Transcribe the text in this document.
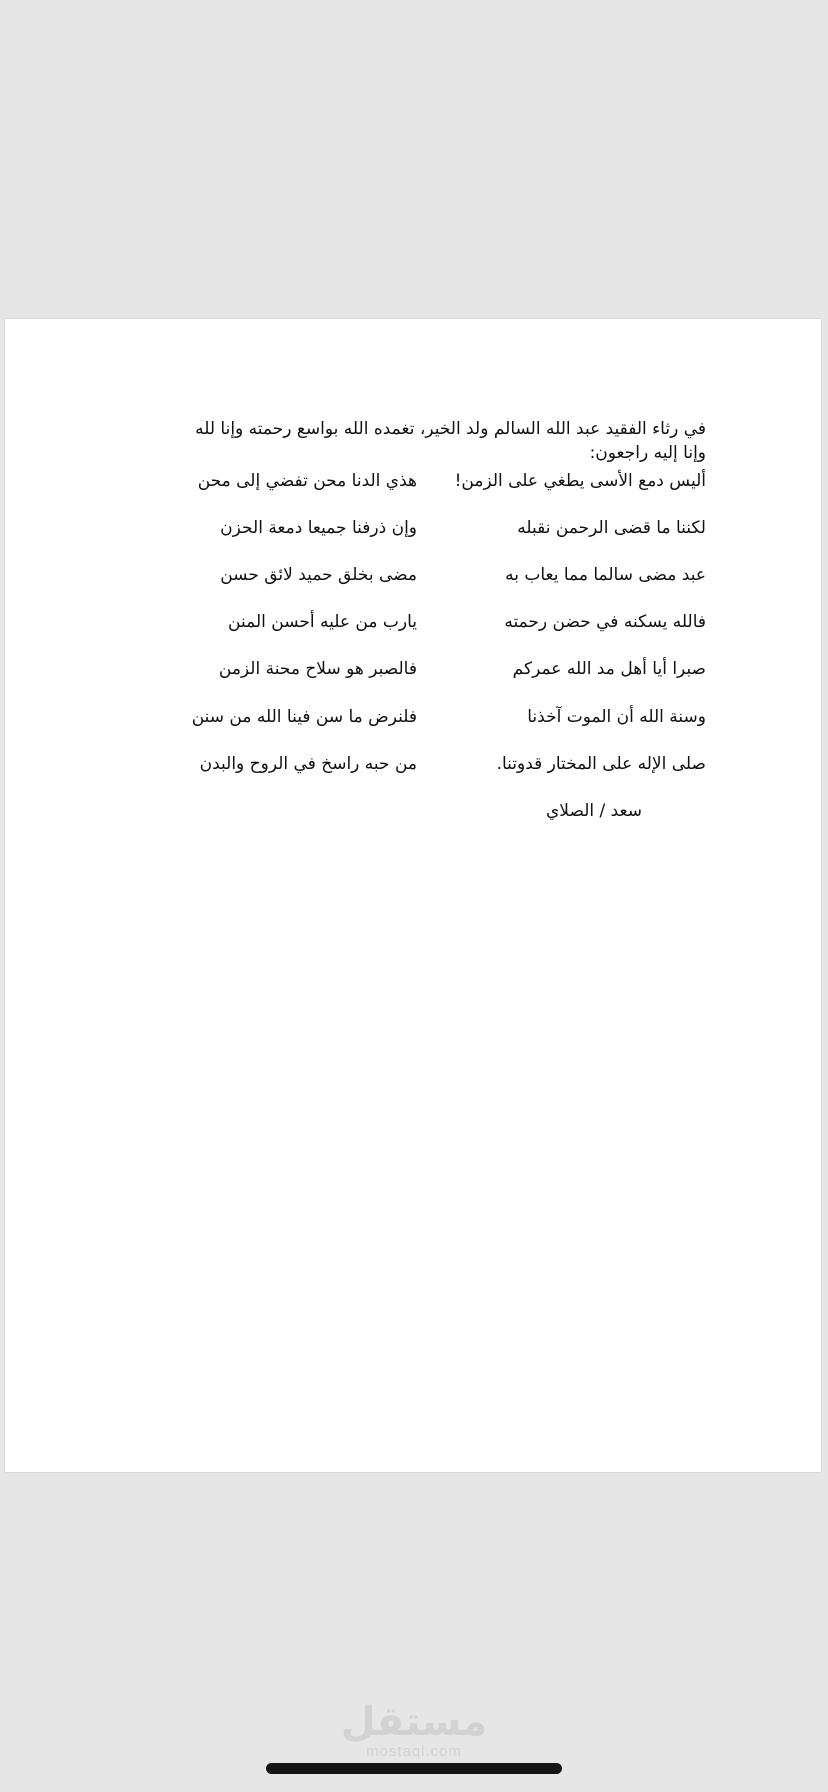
في رثاء الفقيد عبد الله السالم ولد الخير، تغمده الله بواسع رحمته وإنا لله وإنا إليه راجعون:
أليس دمع الأسى يطغي على الزمن!
هذي الدنا محن تفضي إلى محن
لكننا ما قضى الرحمن نقبله
وإن ذرفنا جميعا دمعة الحزن
عبد مضى سالما مما يعاب به
مضى بخلق حميد لائق حسن
فالله يسكنه في حضن رحمته
يارب من عليه أحسن المنن
صبرا أيا أهل مد الله عمركم
فالصبر هو سلاح محنة الزمن
وسنة الله أن الموت آخذنا
فلنرض ما سن فينا الله من سنن
صلى الإله على المختار قدوتنا.
من حبه راسخ في الروح والبدن
سعد / الصلاي
مستقل
mostaql.com
